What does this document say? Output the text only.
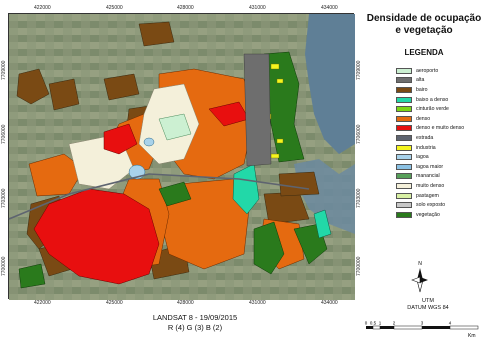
422000	425000	428000	431000	434000
422000	425000	428000	431000	434000
7709000
7706000
7703000
7700000
7709000
7706000
7703000
7700000
Densidade de ocupação
e vegetação
LEGENDA
aeroporto
alta
bairo
baixo a denso
cinturão verde
denso
denso e muito denso
estrada
industria
lagoa
lagoa maior
manancial
muito denso
pastagem
solo exposto
vegetação
N
UTM
DATUM WGS 84
0 0.5 1	2	3	4
Km
LANDSAT 8 - 19/09/2015
R (4) G (3) B (2)
